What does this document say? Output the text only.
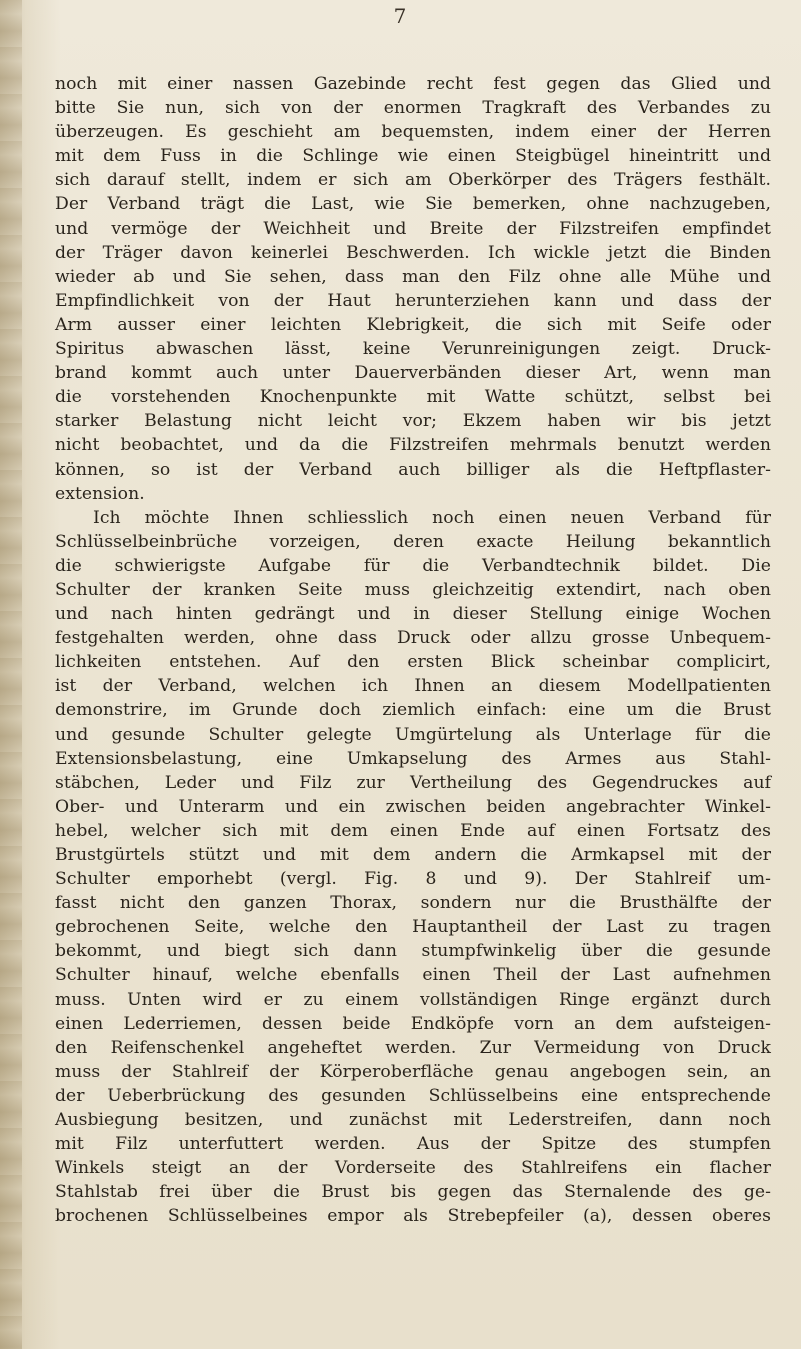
7
noch mit einer nassen Gazebinde recht fest gegen das Glied und
bitte Sie nun, sich von der enormen Tragkraft des Verbandes zu
überzeugen. Es geschieht am bequemsten, indem einer der Herren
mit dem Fuss in die Schlinge wie einen Steigbügel hineintritt und
sich darauf stellt, indem er sich am Oberkörper des Trägers festhält.
Der Verband trägt die Last, wie Sie bemerken, ohne nachzugeben,
und vermöge der Weichheit und Breite der Filzstreifen empfindet
der Träger davon keinerlei Beschwerden. Ich wickle jetzt die Binden
wieder ab und Sie sehen, dass man den Filz ohne alle Mühe und
Empfindlichkeit von der Haut herunterziehen kann und dass der
Arm ausser einer leichten Klebrigkeit, die sich mit Seife oder
Spiritus abwaschen lässt, keine Verunreinigungen zeigt. Druck-
brand kommt auch unter Dauerverbänden dieser Art, wenn man
die vorstehenden Knochenpunkte mit Watte schützt, selbst bei
starker Belastung nicht leicht vor; Ekzem haben wir bis jetzt
nicht beobachtet, und da die Filzstreifen mehrmals benutzt werden
können, so ist der Verband auch billiger als die Heftpflaster-
extension.
Ich möchte Ihnen schliesslich noch einen neuen Verband für
Schlüsselbeinbrüche vorzeigen, deren exacte Heilung bekanntlich
die schwierigste Aufgabe für die Verbandtechnik bildet. Die
Schulter der kranken Seite muss gleichzeitig extendirt, nach oben
und nach hinten gedrängt und in dieser Stellung einige Wochen
festgehalten werden, ohne dass Druck oder allzu grosse Unbequem-
lichkeiten entstehen. Auf den ersten Blick scheinbar complicirt,
ist der Verband, welchen ich Ihnen an diesem Modellpatienten
demonstrire, im Grunde doch ziemlich einfach: eine um die Brust
und gesunde Schulter gelegte Umgürtelung als Unterlage für die
Extensionsbelastung, eine Umkapselung des Armes aus Stahl-
stäbchen, Leder und Filz zur Vertheilung des Gegendruckes auf
Ober- und Unterarm und ein zwischen beiden angebrachter Winkel-
hebel, welcher sich mit dem einen Ende auf einen Fortsatz des
Brustgürtels stützt und mit dem andern die Armkapsel mit der
Schulter emporhebt (vergl. Fig. 8 und 9). Der Stahlreif um-
fasst nicht den ganzen Thorax, sondern nur die Brusthälfte der
gebrochenen Seite, welche den Hauptantheil der Last zu tragen
bekommt, und biegt sich dann stumpfwinkelig über die gesunde
Schulter hinauf, welche ebenfalls einen Theil der Last aufnehmen
muss. Unten wird er zu einem vollständigen Ringe ergänzt durch
einen Lederriemen, dessen beide Endköpfe vorn an dem aufsteigen-
den Reifenschenkel angeheftet werden. Zur Vermeidung von Druck
muss der Stahlreif der Körperoberfläche genau angebogen sein, an
der Ueberbrückung des gesunden Schlüsselbeins eine entsprechende
Ausbiegung besitzen, und zunächst mit Lederstreifen, dann noch
mit Filz unterfuttert werden. Aus der Spitze des stumpfen
Winkels steigt an der Vorderseite des Stahlreifens ein flacher
Stahlstab frei über die Brust bis gegen das Sternalende des ge-
brochenen Schlüsselbeines empor als Strebepfeiler (a), dessen oberes
